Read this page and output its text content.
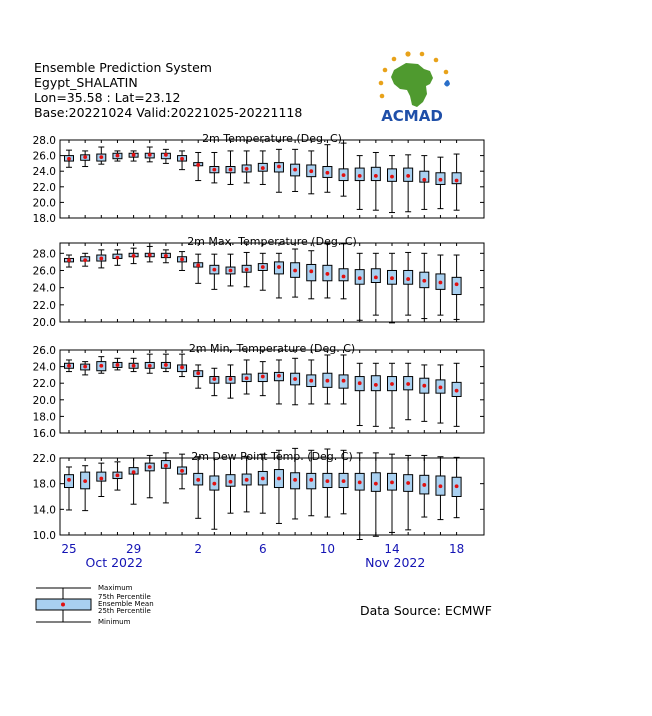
Ensemble Prediction System
Egypt_SHALATIN
Lon=35.58 : Lat=23.12
Base:20221024 Valid:20221025-20221118	ACMAD
2m Temperature (Deg. C)
18.0
20.0
22.0
24.0
26.0
28.0
2m Max. Temperature (Deg. C)
20.0
22.0
24.0
26.0
28.0
2m Min. Temperature (Deg. C)
16.0
18.0
20.0
22.0
24.0
26.0
2m Dew Point Temp. (Deg. C)
10.0
14.0
18.0
22.0
25	29	2	6	10	14	18
Oct 2022	Nov 2022
Maximum
75th Percentile
Ensemble Mean
25th Percentile
Minimum
Data Source: ECMWF
